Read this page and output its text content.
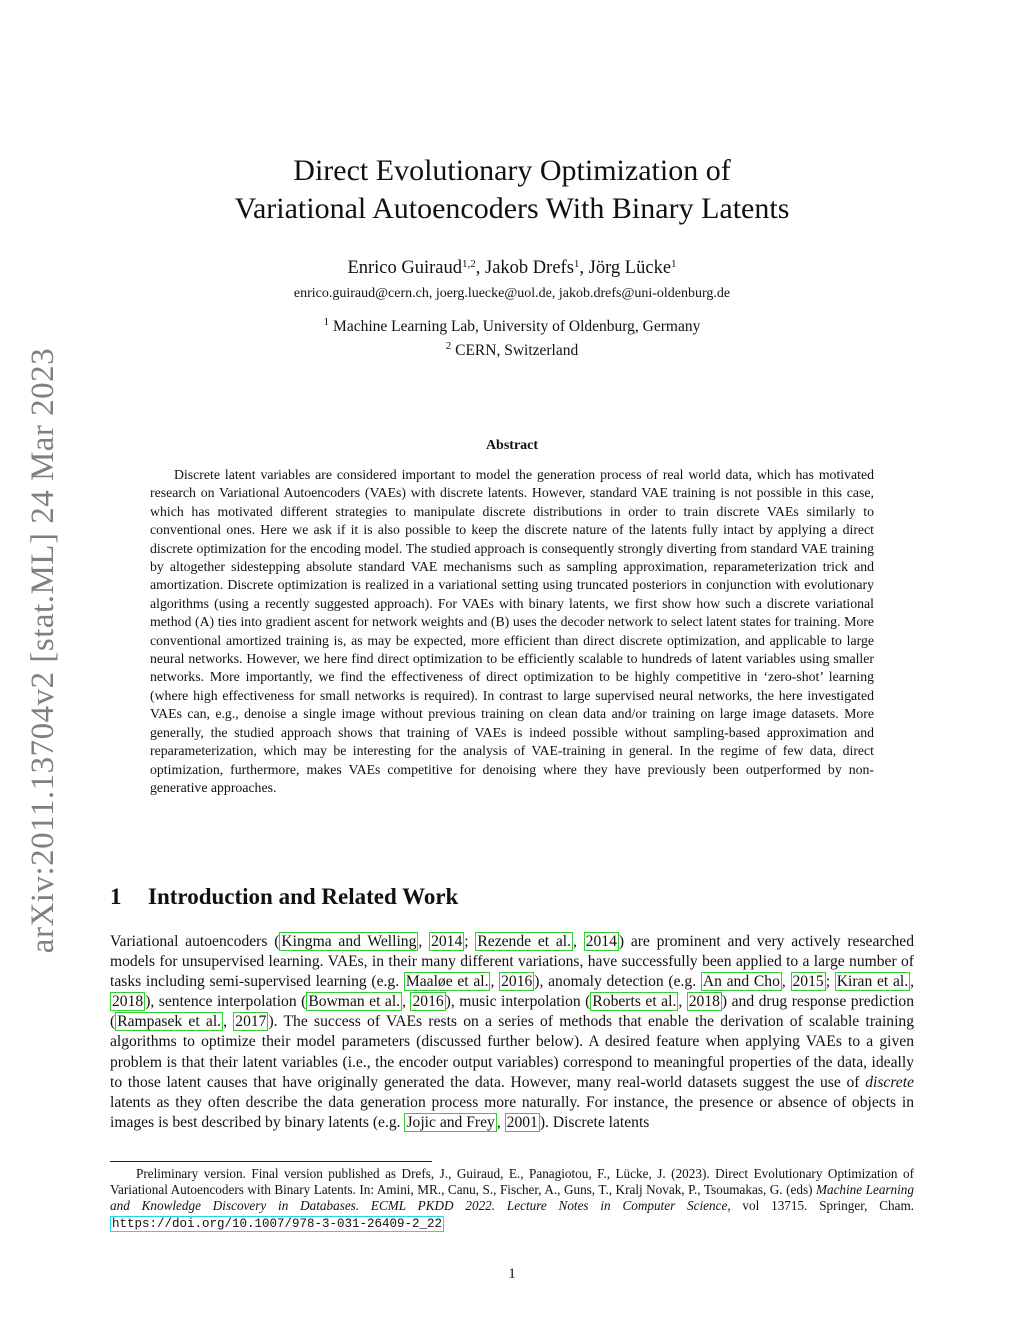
arXiv:2011.13704v2 [stat.ML] 24 Mar 2023
Direct Evolutionary Optimization of
Variational Autoencoders With Binary Latents
Enrico Guiraud$^{1,2}$, Jakob Drefs$^1$, Jörg Lücke$^1$
enrico.guiraud@cern.ch, joerg.luecke@uol.de, jakob.drefs@uni-oldenburg.de
$^1$ Machine Learning Lab, University of Oldenburg, Germany
$^2$ CERN, Switzerland
Abstract

Discrete latent variables are considered important to model the generation process of real world data, which has motivated research on Variational Autoencoders (VAEs) with discrete latents. However, standard VAE training is not possible in this case, which has motivated different strategies to manipulate discrete distributions in order to train discrete VAEs similarly to conventional ones. Here we ask if it is also possible to keep the discrete nature of the latents fully intact by applying a direct discrete optimization for the encoding model. The studied approach is consequently strongly diverting from standard VAE training by altogether sidestepping absolute standard VAE mechanisms such as sampling approximation, reparameterization trick and amortization. Discrete optimization is realized in a variational setting using truncated posteriors in conjunction with evolutionary algorithms (using a recently suggested approach). For VAEs with binary latents, we first show how such a discrete variational method (A) ties into gradient ascent for network weights and (B) uses the decoder network to select latent states for training. More conventional amortized training is, as may be expected, more efficient than direct discrete optimization, and applicable to large neural networks. However, we here find direct optimization to be efficiently scalable to hundreds of latent variables using smaller networks. More importantly, we find the effectiveness of direct optimization to be highly competitive in ‘zero-shot’ learning (where high effectiveness for small networks is required). In contrast to large supervised neural networks, the here investigated VAEs can, e.g., denoise a single image without previous training on clean data and/or training on large image datasets. More generally, the studied approach shows that training of VAEs is indeed possible without sampling-based approximation and reparameterization, which may be interesting for the analysis of VAE-training in general. In the regime of few data, direct optimization, furthermore, makes VAEs competitive for denoising where they have previously been outperformed by non-generative approaches.

1 Introduction and Related Work

Variational autoencoders ( Kingma and Welling , 2014 ; Rezende et al. , 2014 ) are prominent and very actively researched models for unsupervised learning. VAEs, in their many different variations, have successfully been applied to a large number of tasks including semi-supervised learning (e.g. Maaløe et al. , 2016 ), anomaly detection (e.g. An and Cho , 2015 ; Kiran et al. , 2018 ), sentence interpolation ( Bowman et al. , 2016 ), music interpolation ( Roberts et al. , 2018 ) and drug response prediction ( Rampasek et al. , 2017 ). The success of VAEs rests on a series of methods that enable the derivation of scalable training algorithms to optimize their model parameters (discussed further below). A desired feature when applying VAEs to a given problem is that their latent variables (i.e., the encoder output variables) correspond to meaningful properties of the data, ideally to those latent causes that have originally generated the data. However, many real-world datasets suggest the use of discrete latents as they often describe the data generation process more naturally. For instance, the presence or absence of objects in images is best described by binary latents (e.g. Jojic and Frey , 2001 ). Discrete latents

Preliminary version. Final version published as Drefs, J., Guiraud, E., Panagiotou, F., Lücke, J. (2023). Direct Evolutionary Optimization of Variational Autoencoders with Binary Latents. In: Amini, MR., Canu, S., Fischer, A., Guns, T., Kralj Novak, P., Tsoumakas, G. (eds) Machine Learning and Knowledge Discovery in Databases. ECML PKDD 2022. Lecture Notes in Computer Science, vol 13715. Springer, Cham. https://doi.org/10.1007/978-3-031-26409-2_22

1
